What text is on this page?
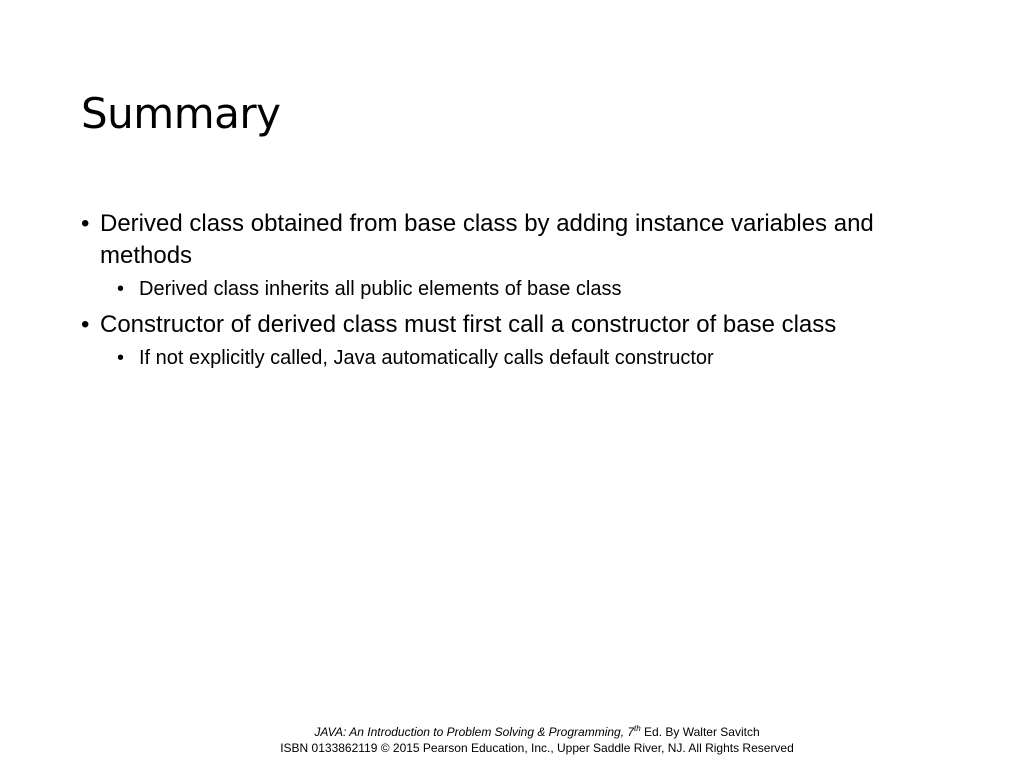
Summary

• Derived class obtained from base class by adding instance variables and methods

• Derived class inherits all public elements of base class

• Constructor of derived class must first call a constructor of base class

• If not explicitly called, Java automatically calls default constructor

JAVA: An Introduction to Problem Solving & Programming, 7th Ed. By Walter Savitch
ISBN 0133862119 © 2015 Pearson Education, Inc., Upper Saddle River, NJ. All Rights Reserved
